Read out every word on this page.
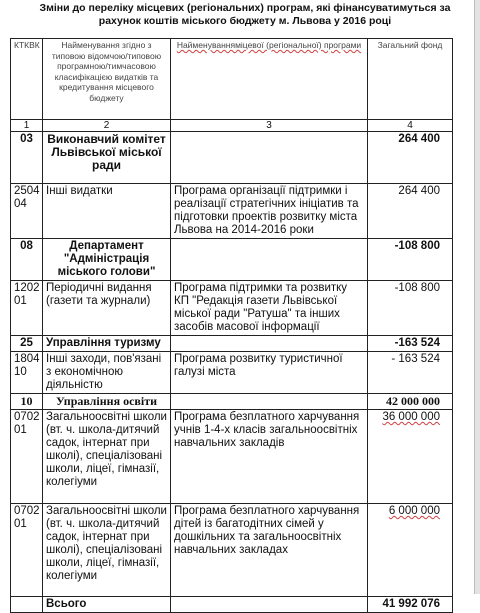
Зміни до переліку місцевих (регіональних) програм, які фінансуватимуться за рахунок коштів міського бюджету м. Львова у 2016 році
КТКВК	Найменування згідно з типовою відомчою/типовою програмною/тимчасовою класифікацією видатків та кредитування місцевого бюджету	Найменуванняміцевої (регіональної) програми	Загальний фонд
1	2	3	4
03	Виконавчий комітет Львівської міської ради		264 400
2504 04	Інші видатки	Програма організації підтримки і реалізації стратегічних ініціатив та підготовки проектів розвитку міста Львова на 2014-2016 роки	264 400
08	Департамент "Адміністрація міського голови"		-108 800
1202 01	Періодичні видання (газети та журнали)	Програма підтримки та розвитку КП "Редакція газети Львівської міської ради "Ратуша" та інших засобів масової інформації	-108 800
25	Управління туризму		-163 524
1804 10	Інші заходи, пов'язані з економічною діяльністю	Програма розвитку туристичної галузі міста	- 163 524
10	Управління освіти		42 000 000
0702 01	Загальноосвітні школи (вт. ч. школа-дитячий садок, інтернат при школі), спеціалізовані школи, ліцеї, гімназії, колегіуми	Програма безплатного харчування учнів 1-4-х класів загальноосвітніх навчальних закладів	36 000 000
0702 01	Загальноосвітні школи (вт. ч. школа-дитячий садок, інтернат при школі), спеціалізовані школи, ліцеї, гімназії, колегіуми	Програма безплатного харчування дітей із багатодітних сімей у дошкільних та загальноосвітніх навчальних закладах	6 000 000
	Всього		41 992 076
